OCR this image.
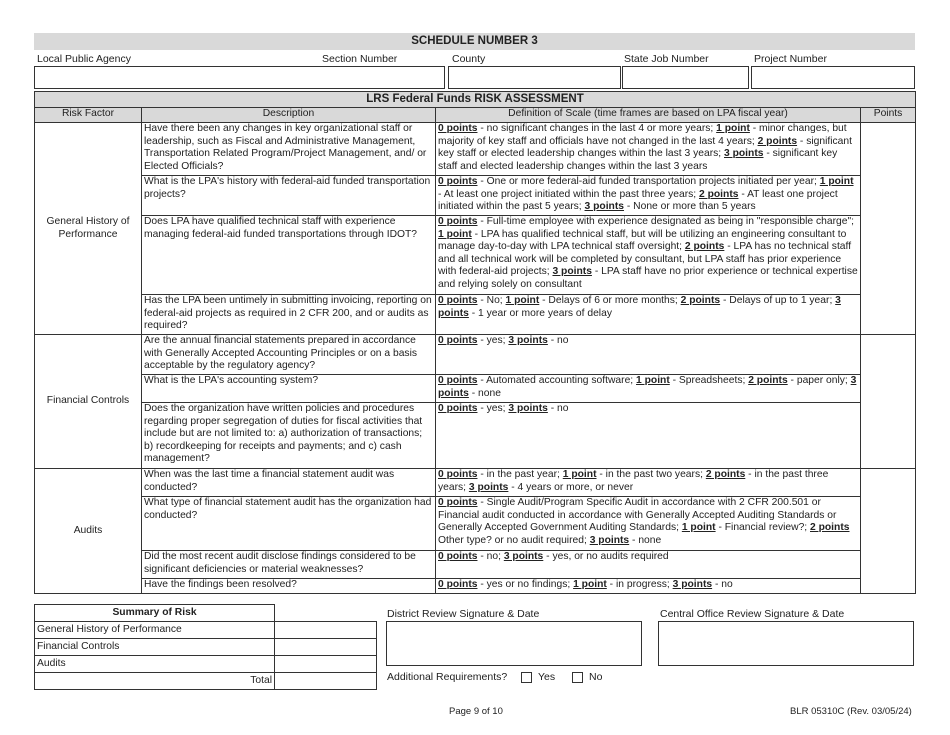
SCHEDULE NUMBER 3
Local Public Agency	Section Number	County	State Job Number	Project Number
LRS Federal Funds RISK ASSESSMENT			
Risk Factor	Description	Definition of Scale (time frames are based on LPA fiscal year)	Points
General History of Performance	Have there been any changes in key organizational staff or leadership, such as Fiscal and Administrative Management, Transportation Related Program/Project Management, and/ or Elected Officials?	0 points - no significant changes in the last 4 or more years; 1 point - minor changes, but majority of key staff and officials have not changed in the last 4 years; 2 points - significant key staff or elected leadership changes within the last 3 years; 3 points - significant key staff and elected leadership changes within the last 3 years	
	What is the LPA's history with federal-aid funded transportation projects?	0 points - One or more federal-aid funded transportation projects initiated per year; 1 point - At least one project initiated within the past three years; 2 points - AT least one project initiated within the past 5 years; 3 points - None or more than 5 years	
	Does LPA have qualified technical staff with experience managing federal-aid funded transportations through IDOT?	0 points - Full-time employee with experience designated as being in "responsible charge"; 1 point - LPA has qualified technical staff, but will be utilizing an engineering consultant to manage day-to-day with LPA technical staff oversight; 2 points - LPA has no technical staff and all technical work will be completed by consultant, but LPA staff has prior experience with federal-aid projects; 3 points - LPA staff have no prior experience or technical expertise and relying solely on consultant	
	Has the LPA been untimely in submitting invoicing, reporting on federal-aid projects as required in 2 CFR 200, and or audits as required?	0 points - No; 1 point - Delays of 6 or more months; 2 points - Delays of up to 1 year; 3 points - 1 year or more years of delay	
Financial Controls	Are the annual financial statements prepared in accordance with Generally Accepted Accounting Principles or on a basis acceptable by the regulatory agency?	0 points - yes; 3 points - no	
	What is the LPA's accounting system?	0 points - Automated accounting software; 1 point - Spreadsheets; 2 points - paper only; 3 points - none	
	Does the organization have written policies and procedures regarding proper segregation of duties for fiscal activities that include but are not limited to: a) authorization of transactions; b) recordkeeping for receipts and payments; and c) cash management?	0 points - yes; 3 points - no	
Audits	When was the last time a financial statement audit was conducted?	0 points - in the past year; 1 point - in the past two years; 2 points - in the past three years; 3 points - 4 years or more, or never	
	What type of financial statement audit has the organization had conducted?	0 points - Single Audit/Program Specific Audit in accordance with 2 CFR 200.501 or Financial audit conducted in accordance with Generally Accepted Auditing Standards or Generally Accepted Government Auditing Standards; 1 point - Financial review?; 2 points Other type? or no audit required; 3 points - none	
	Did the most recent audit disclose findings considered to be significant deficiencies or material weaknesses?	0 points - no; 3 points - yes, or no audits required	
	Have the findings been resolved?	0 points - yes or no findings; 1 point - in progress; 3 points - no	
Summary of Risk	
General History of Performance	
Financial Controls	
Audits	
Total	
District Review Signature & Date	Central Office Review Signature & Date
Additional Requirements?	Yes	No
Page 9 of 10	BLR 05310C (Rev. 03/05/24)
